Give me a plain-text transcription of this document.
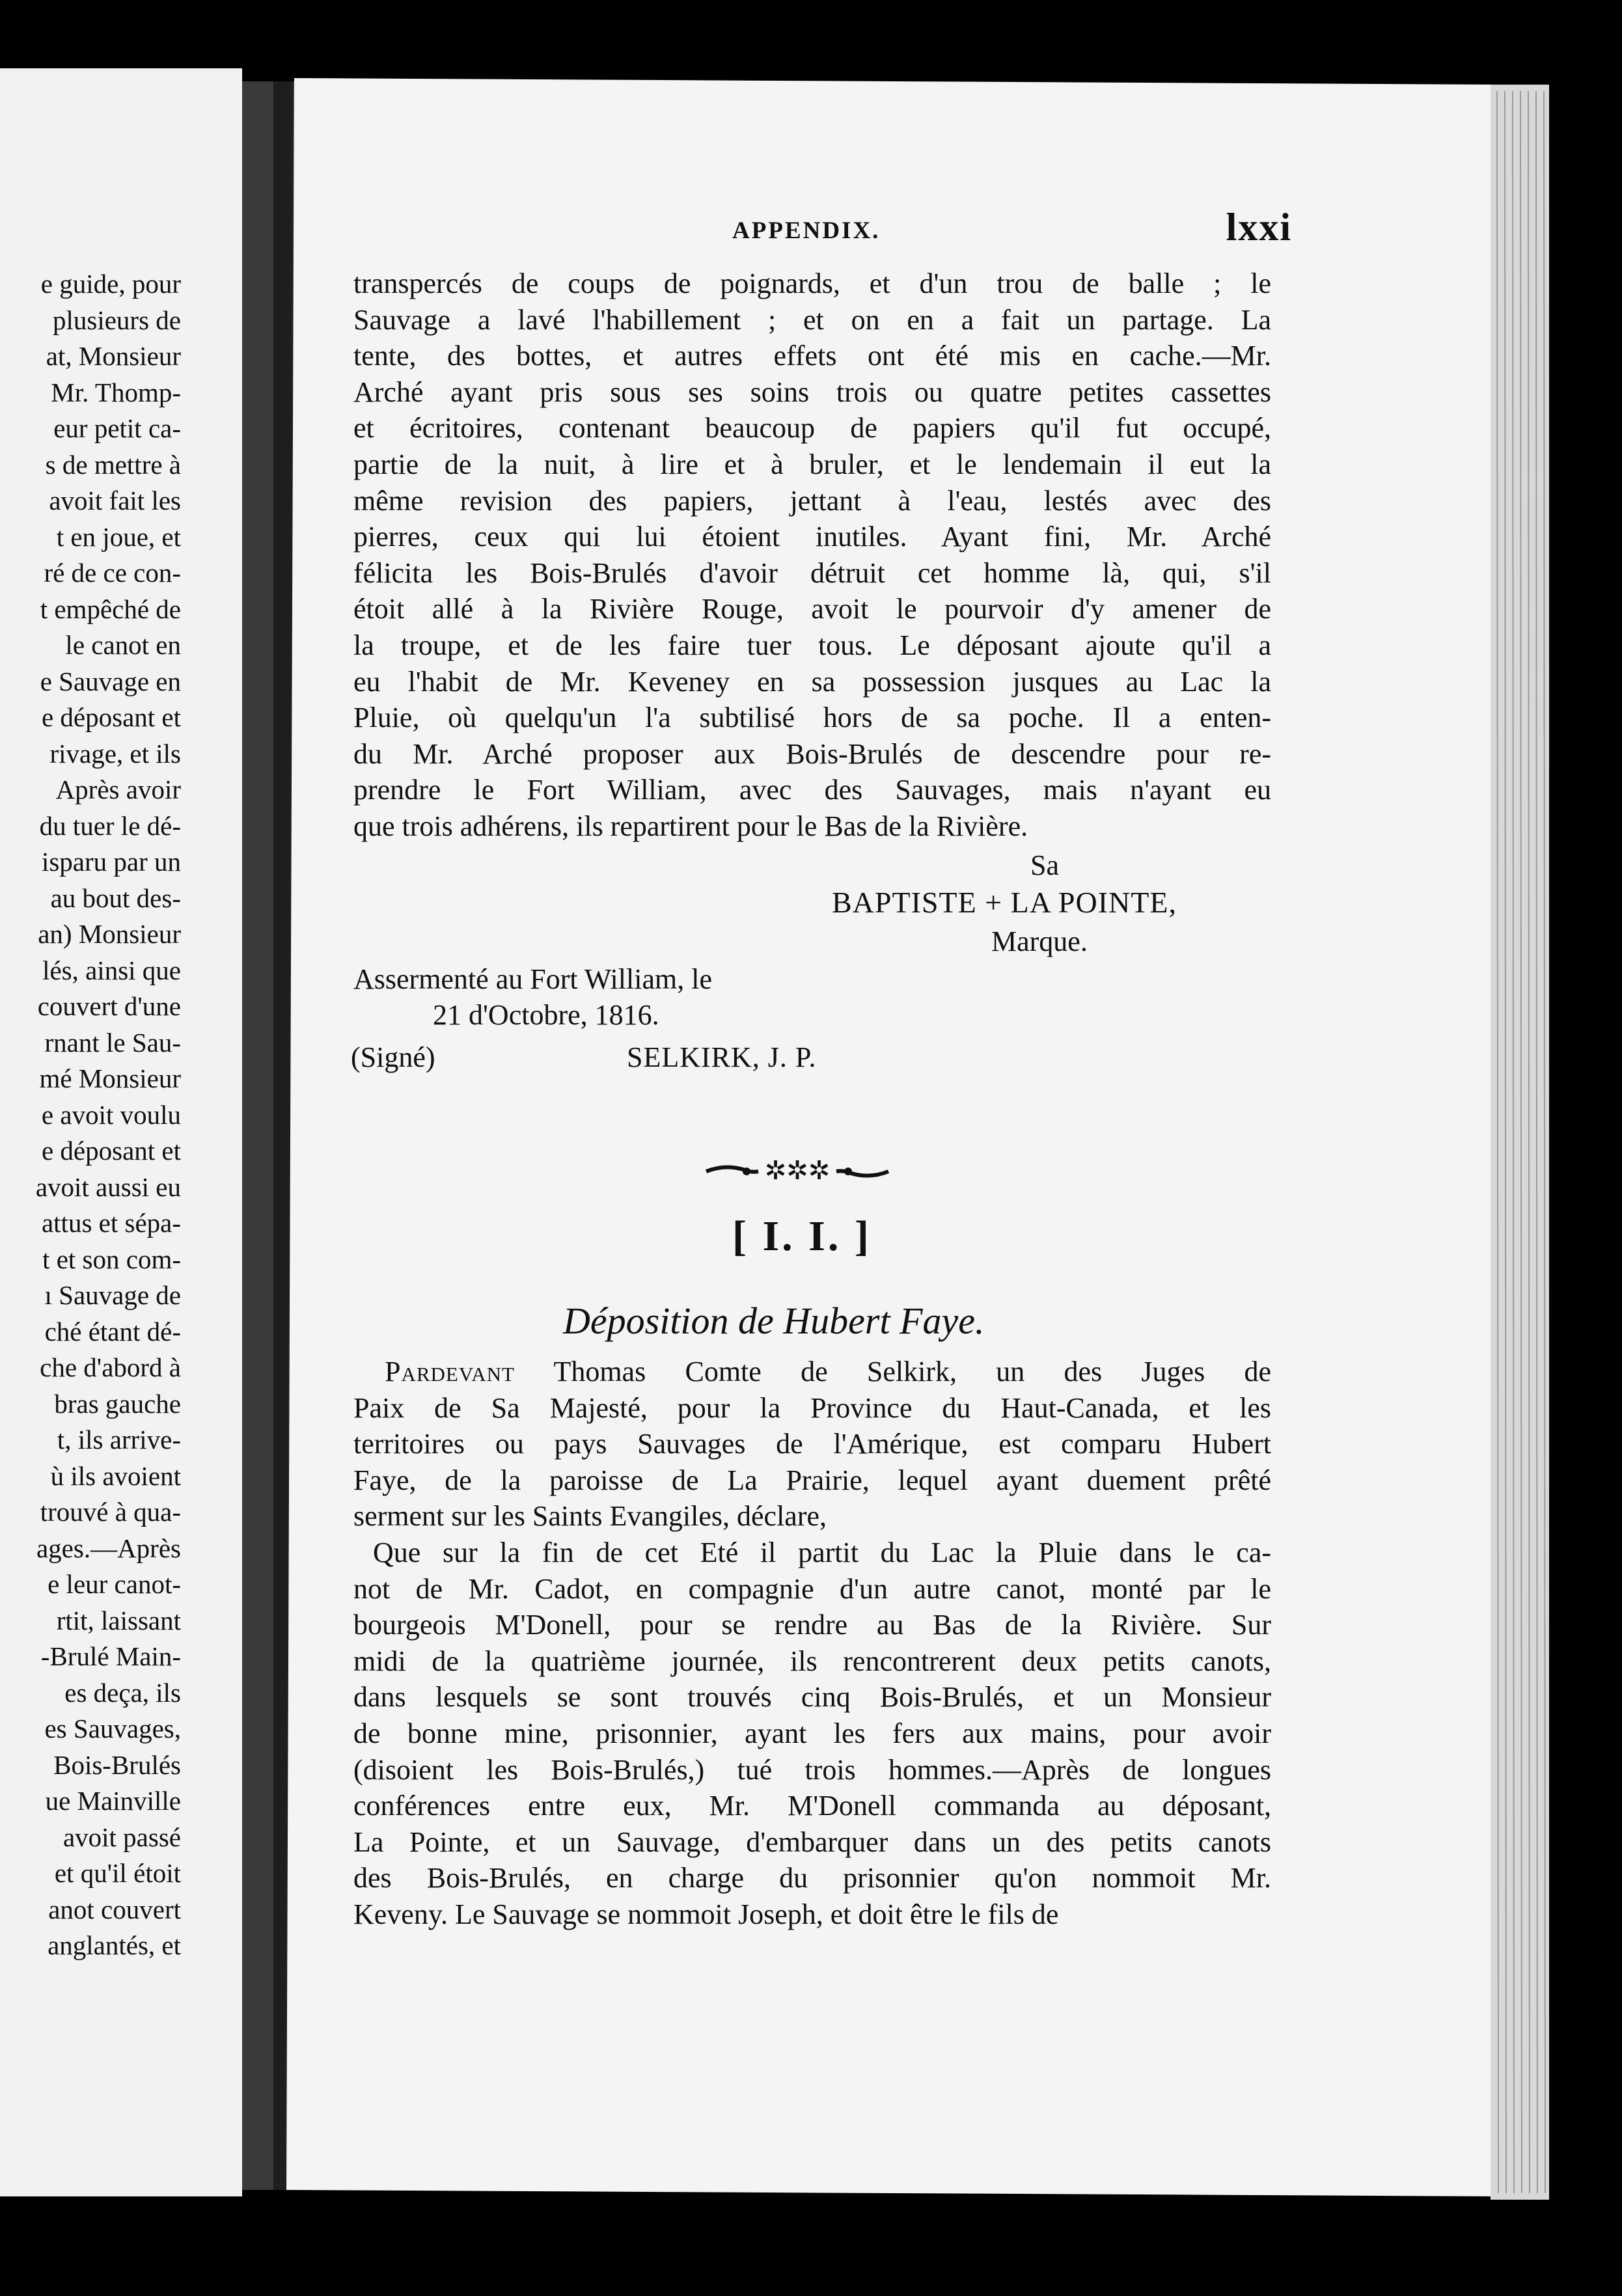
e guide, pour
plusieurs de
at, Monsieur
Mr. Thomp-
eur petit ca-
s de mettre à
avoit fait les
t en joue, et
ré de ce con-
t empêché de
le canot en
e Sauvage en
e déposant et
rivage, et ils
Après avoir
du tuer le dé-
isparu par un
au bout des-
an) Monsieur
lés, ainsi que
couvert d'une
rnant le Sau-
mé Monsieur
e avoit voulu
e déposant et
avoit aussi eu
attus et sépa-
t et son com-
ı Sauvage de
ché étant dé-
che d'abord à
bras gauche
t, ils arrive-
ù ils avoient
trouvé à qua-
ages.—Après
e leur canot-
rtit, laissant
-Brulé Main-
es deça, ils
es Sauvages,
Bois-Brulés
ue Mainville
avoit passé
et qu'il étoit
anot couvert
anglantés, et
APPENDIX.	lxxi
transpercés de coups de poignards, et d'un trou de balle ; le
Sauvage a lavé l'habillement ; et on en a fait un partage. La
tente, des bottes, et autres effets ont été mis en cache.—Mr.
Arché ayant pris sous ses soins trois ou quatre petites cassettes
et écritoires, contenant beaucoup de papiers qu'il fut occupé,
partie de la nuit, à lire et à bruler, et le lendemain il eut la
même revision des papiers, jettant à l'eau, lestés avec des
pierres, ceux qui lui étoient inutiles. Ayant fini, Mr. Arché
félicita les Bois-Brulés d'avoir détruit cet homme là, qui, s'il
étoit allé à la Rivière Rouge, avoit le pourvoir d'y amener de
la troupe, et de les faire tuer tous. Le déposant ajoute qu'il a
eu l'habit de Mr. Keveney en sa possession jusques au Lac la
Pluie, où quelqu'un l'a subtilisé hors de sa poche. Il a enten-
du Mr. Arché proposer aux Bois-Brulés de descendre pour re-
prendre le Fort William, avec des Sauvages, mais n'ayant eu
que trois adhérens, ils repartirent pour le Bas de la Rivière.
Sa
BAPTISTE + LA POINTE,
Marque.
Assermenté au Fort William, le
21 d'Octobre, 1816.
(Signé)	SELKIRK, J. P.
✲✲✲
[ I. I. ]
Déposition de Hubert Faye.
Pardevant Thomas Comte de Selkirk, un des Juges de
Paix de Sa Majesté, pour la Province du Haut-Canada, et les
territoires ou pays Sauvages de l'Amérique, est comparu Hubert
Faye, de la paroisse de La Prairie, lequel ayant duement prêté
serment sur les Saints Evangiles, déclare,
Que sur la fin de cet Eté il partit du Lac la Pluie dans le ca-
not de Mr. Cadot, en compagnie d'un autre canot, monté par le
bourgeois M'Donell, pour se rendre au Bas de la Rivière. Sur
midi de la quatrième journée, ils rencontrerent deux petits canots,
dans lesquels se sont trouvés cinq Bois-Brulés, et un Monsieur
de bonne mine, prisonnier, ayant les fers aux mains, pour avoir
(disoient les Bois-Brulés,) tué trois hommes.—Après de longues
conférences entre eux, Mr. M'Donell commanda au déposant,
La Pointe, et un Sauvage, d'embarquer dans un des petits canots
des Bois-Brulés, en charge du prisonnier qu'on nommoit Mr.
Keveny. Le Sauvage se nommoit Joseph, et doit être le fils de
